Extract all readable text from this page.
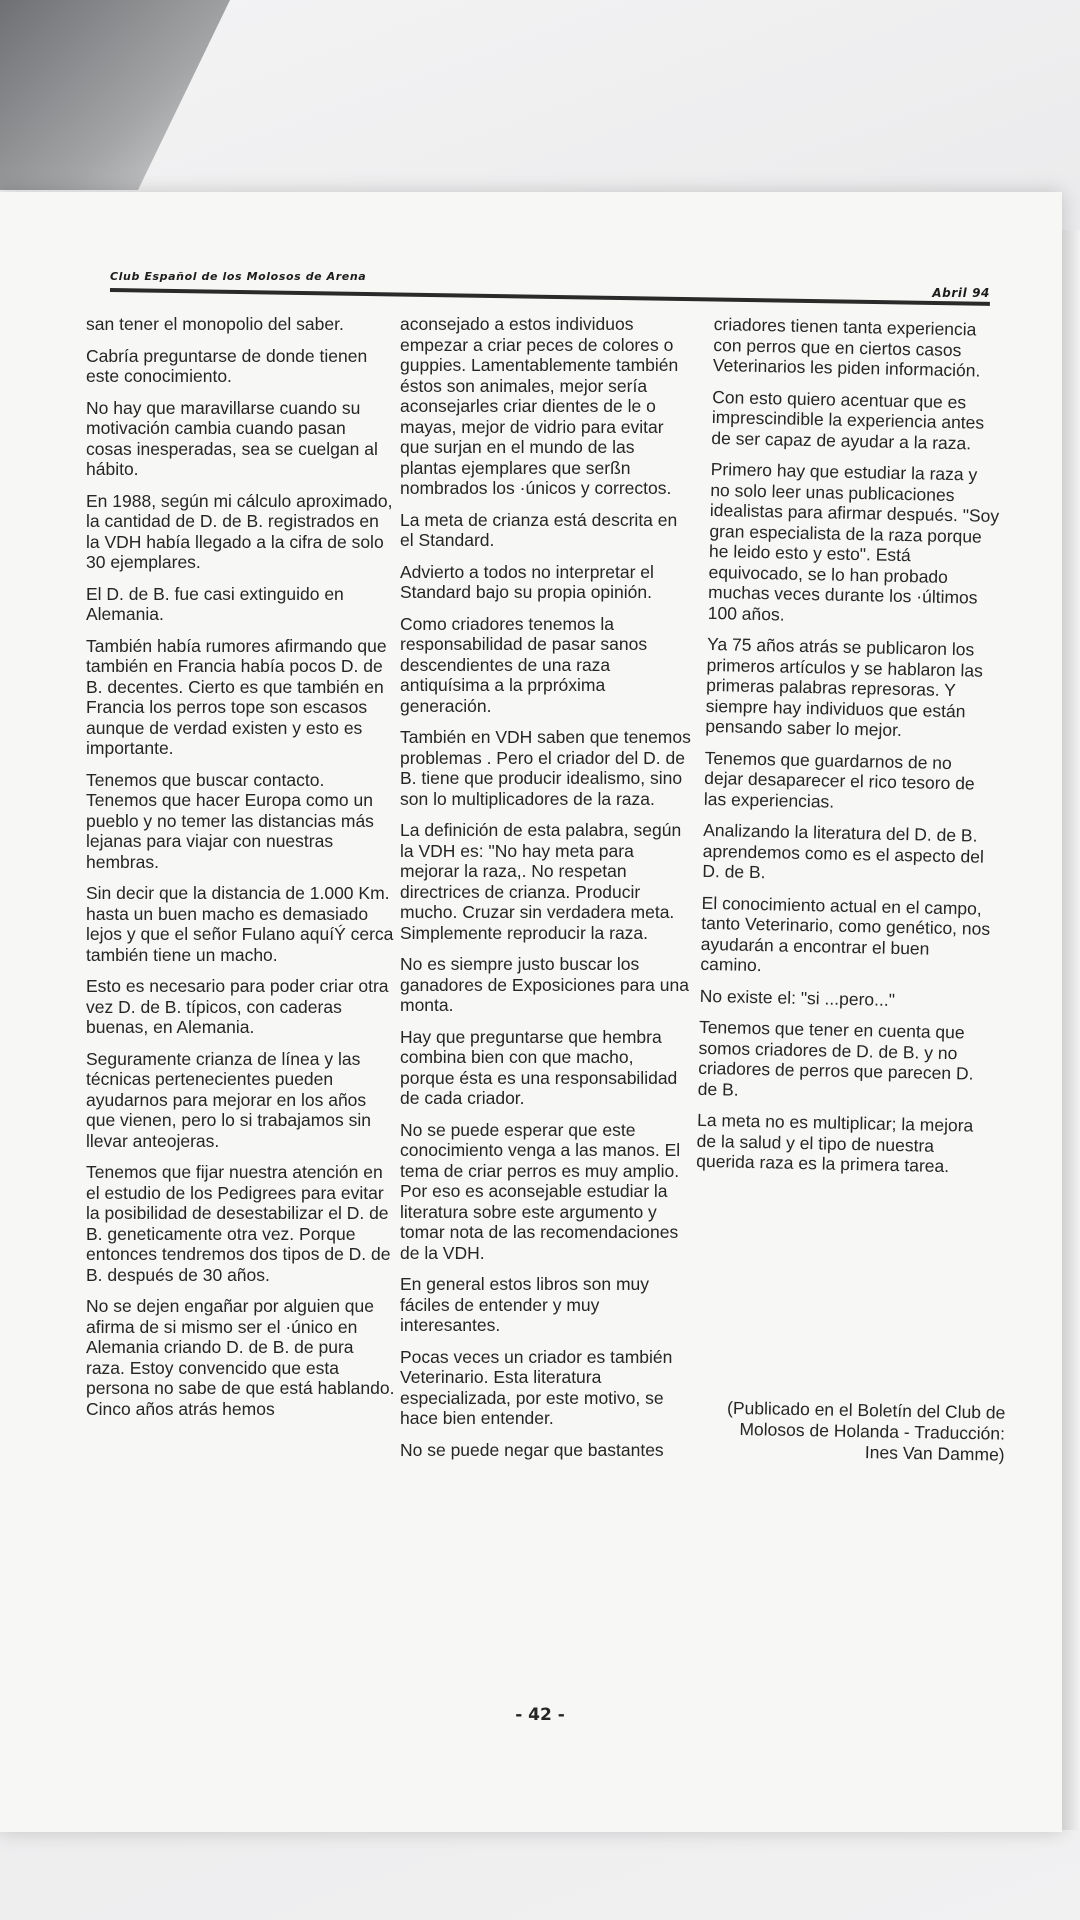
Club Español de los Molosos de Arena
Abril 94

san tener el monopolio del saber.

Cabría preguntarse de donde tienen este conocimiento.

No hay que maravillarse cuando su motivación cambia cuando pasan cosas inesperadas, sea se cuelgan al hábito.

En 1988, según mi cálculo aproximado, la cantidad de D. de B. registrados en la VDH había llegado a la cifra de solo 30 ejemplares.

El D. de B. fue casi extinguido en Alemania.

También había rumores afirmando que también en Francia había pocos D. de B. decentes. Cierto es que también en Francia los perros tope son escasos aunque de verdad existen y esto es importante.

Tenemos que buscar contacto. Tenemos que hacer Europa como un pueblo y no temer las distancias más lejanas para viajar con nuestras hembras.

Sin decir que la distancia de 1.000 Km. hasta un buen macho es demasiado lejos y que el señor Fulano aquíÝ cerca también tiene un macho.

Esto es necesario para poder criar otra vez D. de B. típicos, con caderas buenas, en Alemania.

Seguramente crianza de línea y las técnicas pertenecientes pueden ayudarnos para mejorar en los años que vienen, pero lo si trabajamos sin llevar anteojeras.

Tenemos que fijar nuestra atención en el estudio de los Pedigrees para evitar la posibilidad de desestabilizar el D. de B. geneticamente otra vez. Porque entonces tendremos dos tipos de D. de B. después de 30 años.

No se dejen engañar por alguien que afirma de si mismo ser el ·único en Alemania criando D. de B. de pura raza. Estoy convencido que esta persona no sabe de que está hablando. Cinco años atrás hemos

aconsejado a estos individuos empezar a criar peces de colores o guppies. Lamentablemente también éstos son animales, mejor sería aconsejarles criar dientes de le o mayas, mejor de vidrio para evitar que surjan en el mundo de las plantas ejemplares que serßn nombrados los ·únicos y correctos.

La meta de crianza está descrita en el Standard.

Advierto a todos no interpretar el Standard bajo su propia opinión.

Como criadores tenemos la responsabilidad de pasar sanos descendientes de una raza antiquísima a la prpróxima generación.

También en VDH saben que tenemos problemas . Pero el criador del D. de B. tiene que producir idealismo, sino son lo multiplicadores de la raza.

La definición de esta palabra, según la VDH es: "No hay meta para mejorar la raza,. No respetan directrices de crianza. Producir mucho. Cruzar sin verdadera meta. Simplemente reproducir la raza.

No es siempre justo buscar los ganadores de Exposiciones para una monta.

Hay que preguntarse que hembra combina bien con que macho, porque ésta es una responsabilidad de cada criador.

No se puede esperar que este conocimiento venga a las manos. El tema de criar perros es muy amplio. Por eso es aconsejable estudiar la literatura sobre este argumento y tomar nota de las recomendaciones de la VDH.

En general estos libros son muy fáciles de entender y muy interesantes.

Pocas veces un criador es también Veterinario. Esta literatura especializada, por este motivo, se hace bien entender.

No se puede negar que bastantes

criadores tienen tanta experiencia con perros que en ciertos casos Veterinarios les piden información.

Con esto quiero acentuar que es imprescindible la experiencia antes de ser capaz de ayudar a la raza.

Primero hay que estudiar la raza y no solo leer unas publicaciones idealistas para afirmar después. "Soy gran especialista de la raza porque he leido esto y esto". Está equivocado, se lo han probado muchas veces durante los ·últimos 100 años.

Ya 75 años atrás se publicaron los primeros artículos y se hablaron las primeras palabras represoras. Y siempre hay individuos que están pensando saber lo mejor.

Tenemos que guardarnos de no dejar desaparecer el rico tesoro de las experiencias.

Analizando la literatura del D. de B. aprendemos como es el aspecto del D. de B.

El conocimiento actual en el campo, tanto Veterinario, como genético, nos ayudarán a encontrar el buen camino.

No existe el: "si ...pero..."

Tenemos que tener en cuenta que somos criadores de D. de B. y no criadores de perros que parecen D. de B.

La meta no es multiplicar; la mejora de la salud y el tipo de nuestra querida raza es la primera tarea.

(Publicado en el Boletín del Club de Molosos de Holanda - Traducción: Ines Van Damme)
- 42 -
